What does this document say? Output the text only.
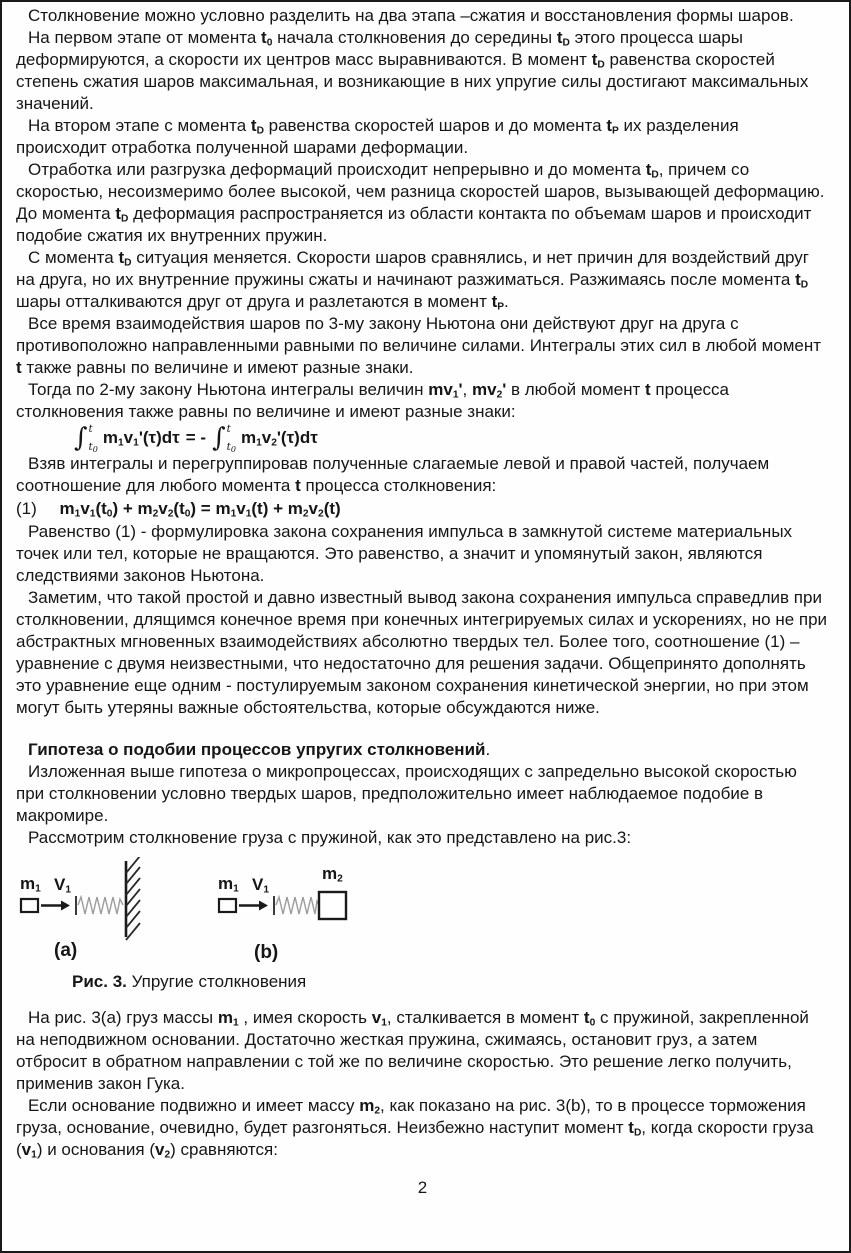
Столкновение можно условно разделить на два этапа –сжатия и восстановления формы шаров.

На первом этапе от момента $t_0$ начала столкновения до середины $t_D$ этого процесса шары деформируются, а скорости их центров масс выравниваются. В момент $t_D$ равенства скоростей степень сжатия шаров максимальная, и возникающие в них упругие силы достигают максимальных значений.

На втором этапе с момента $t_D$ равенства скоростей шаров и до момента $t_P$ их разделения происходит отработка полученной шарами деформации.

Отработка или разгрузка деформаций происходит непрерывно и до момента $t_D$, причем со скоростью, несоизмеримо более высокой, чем разница скоростей шаров, вызывающей деформацию. До момента $t_D$ деформация распространяется из области контакта по объемам шаров и происходит подобие сжатия их внутренних пружин.

С момента $t_D$ ситуация меняется. Скорости шаров сравнялись, и нет причин для воздействий друг на друга, но их внутренние пружины сжаты и начинают разжиматься. Разжимаясь после момента $t_D$ шары отталкиваются друг от друга и разлетаются в момент $t_P$.

Все время взаимодействия шаров по 3-му закону Ньютона они действуют друг на друга с противоположно направленными равными по величине силами. Интегралы этих сил в любой момент t также равны по величине и имеют разные знаки.

Тогда по 2-му закону Ньютона интегралы величин $mv_1'$, $mv_2'$ в любой момент t процесса столкновения также равны по величине и имеют разные знаки:

∫ t
$t_0$
$m_1v_1'(\tau)d\tau$ = - ∫ t
$t_0$
$m_1v_2'(\tau)d\tau$

Взяв интегралы и перегруппировав полученные слагаемые левой и правой частей, получаем соотношение для любого момента t процесса столкновения:

(1) $m_1v_1(t_0) + m_2v_2(t_0) = m_1v_1(t) + m_2v_2(t)$

Равенство (1) - формулировка закона сохранения импульса в замкнутой системе материальных точек или тел, которые не вращаются. Это равенство, а значит и упомянутый закон, являются следствиями законов Ньютона.

Заметим, что такой простой и давно известный вывод закона сохранения импульса справедлив при столкновении, длящимся конечное время при конечных интегрируемых силах и ускорениях, но не при абстрактных мгновенных взаимодействиях абсолютно твердых тел. Более того, соотношение (1) – уравнение с двумя неизвестными, что недостаточно для решения задачи. Общепринято дополнять это уравнение еще одним - постулируемым законом сохранения кинетической энергии, но при этом могут быть утеряны важные обстоятельства, которые обсуждаются ниже.

Гипотеза о подобии процессов упругих столкновений.

Изложенная выше гипотеза о микропроцессах, происходящих с запредельно высокой скоростью при столкновении условно твердых шаров, предположительно имеет наблюдаемое подобие в макромире.

Рассмотрим столкновение груза с пружиной, как это представлено на рис.3:

$m_1$ $V_1$
(a)
$m_1$ $V_1$
$m_2$
(b)

Рис. 3. Упругие столкновения

На рис. 3(a) груз массы $m_1$ , имея скорость $v_1$, сталкивается в момент $t_0$ с пружиной, закрепленной на неподвижном основании. Достаточно жесткая пружина, сжимаясь, остановит груз, а затем отбросит в обратном направлении с той же по величине скоростью. Это решение легко получить, применив закон Гука.

Если основание подвижно и имеет массу $m_2$, как показано на рис. 3(b), то в процессе торможения груза, основание, очевидно, будет разгоняться. Неизбежно наступит момент $t_D$, когда скорости груза $(v_1)$ и основания $(v_2)$ сравняются:

2
